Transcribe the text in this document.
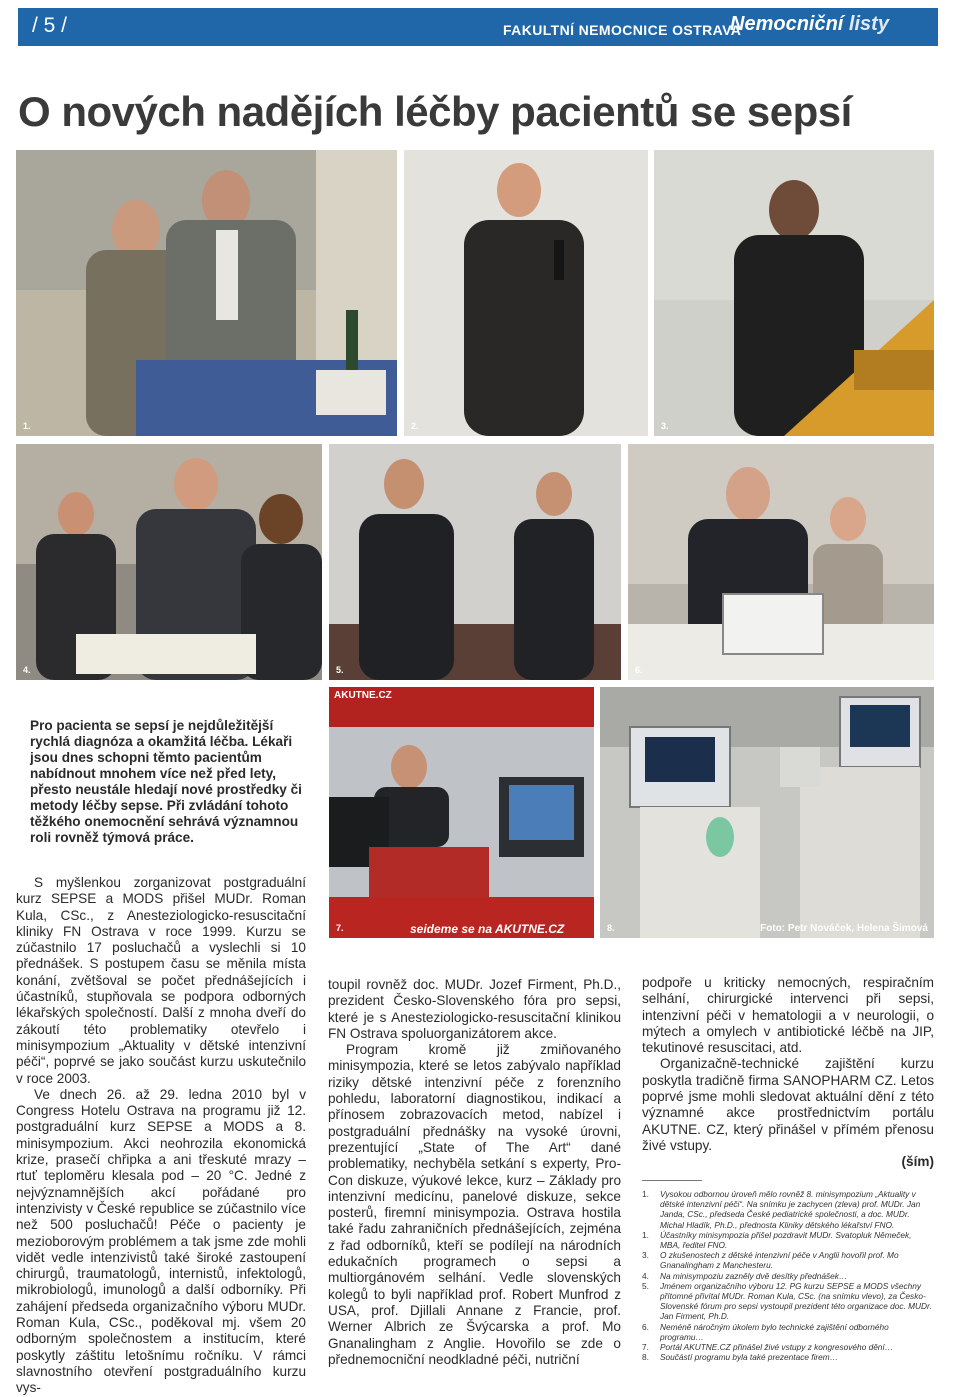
/ 5 /	FAKULTNÍ NEMOCNICE OSTRAVA
Nemocniční listy
O nových nadějích léčby pacientů se sepsí
1.	2.	3.
4.	5.	6.
7.
AKUTNE.CZ
seideme se na AKUTNE.CZ	8.	Foto: Petr Nováček, Helena Šimová
Pro pacienta se sepsí je nejdůležitější rychlá diagnóza a okamžitá léčba. Lékaři jsou dnes schopni těmto pacientům nabídnout mnohem více než před lety, přesto neustále hledají nové prostředky či metody léčby sepse. Při zvládání tohoto těžkého onemocnění sehrává významnou roli rovněž týmová práce.

S myšlenkou zorganizovat postgraduální kurz SEPSE a MODS přišel MUDr. Roman Kula, CSc., z Anesteziologicko-resuscitační kliniky FN Ostrava v roce 1999. Kurzu se zúčastnilo 17 posluchačů a vyslechli si 10 přednášek. S postupem času se měnila místa konání, zvětšoval se počet přednášejících i účastníků, stupňovala se podpora odborných lékařských společností. Další z mnoha dveří do zákoutí této problematiky otevřelo i minisympozium „Aktuality v dětské intenzivní péči“, poprvé se jako součást kurzu uskutečnilo v roce 2003.

Ve dnech 26. až 29. ledna 2010 byl v Congress Hotelu Ostrava na programu již 12. postgraduální kurz SEPSE a MODS a 8. minisympozium. Akci neohrozila ekonomická krize, prasečí chřipka a ani třeskuté mrazy – rtuť teploměru klesala pod – 20 °C. Jedné z nejvýznamnějších akcí pořádané pro intenzivisty v České republice se zúčastnilo více než 500 posluchačů! Péče o pacienty je mezioborovým problémem a tak jsme zde mohli vidět vedle intenzivistů také široké zastoupení chirurgů, traumatologů, internistů, infektologů, mikrobiologů, imunologů a další odborníky. Při zahájení předseda organizačního výboru MUDr. Roman Kula, CSc., poděkoval mj. všem 20 odborným společnostem a institucím, které poskytly záštitu letošnímu ročníku. V rámci slavnostního otevření postgraduálního kurzu vys-

toupil rovněž doc. MUDr. Jozef Firment, Ph.D., prezident Česko-Slovenského fóra pro sepsi, které je s Anesteziologicko-resuscitační klinikou FN Ostrava spoluorganizátorem akce.

Program kromě již zmiňovaného minisympozia, které se letos zabývalo například riziky dětské intenzivní péče z forenzního pohledu, laboratorní diagnostikou, indikací a přínosem zobrazovacích metod, nabízel i postgraduální přednášky na vysoké úrovni, prezentující „State of The Art“ dané problematiky, nechyběla setkání s experty, Pro-Con diskuze, výukové lekce, kurz – Základy pro intenzivní medicínu, panelové diskuze, sekce posterů, firemní minisympozia. Ostrava hostila také řadu zahraničních přednášejících, zejména z řad odborníků, kteří se podílejí na národních edukačních programech o sepsi a multiorgánovém selhání. Vedle slovenských kolegů to byli například prof. Robert Munfrod z USA, prof. Djillali Annane z Francie, prof. Werner Albrich ze Švýcarska a prof. Mo Gnanalingham z Anglie. Hovořilo se zde o přednemocniční neodkladné péči, nutriční

podpoře u kriticky nemocných, respiračním selhání, chirurgické intervenci při sepsi, intenzivní péči v hematologii a v neurologii, o mýtech a omylech v antibiotické léčbě na JIP, tekutinové resuscitaci, atd.

Organizačně-technické zajištění kurzu poskytla tradičně firma SANOPHARM CZ. Letos poprvé jsme mohli sledovat aktuální dění z této významné akce prostřednictvím portálu AKUTNE. CZ, který přinášel v přímém přenosu živé vstupy.

(ším)
1. Vysokou odbornou úroveň mělo rovněž 8. minisympozium „Aktuality v dětské intenzivní péči“. Na snímku je zachycen (zleva) prof. MUDr. Jan Janda, CSc., předseda České pediatrické společnosti, a doc. MUDr. Michal Hladík, Ph.D., přednosta Kliniky dětského lékařství FNO.
1. Účastníky minisympozia přišel pozdravit MUDr. Svatopluk Němeček, MBA, ředitel FNO.
3. O zkušenostech z dětské intenzivní péče v Anglii hovořil prof. Mo Gnanalingham z Manchesteru.
4. Na minisympoziu zazněly dvě desítky přednášek…
5. Jménem organizačního výboru 12. PG kurzu SEPSE a MODS všechny přítomné přivítal MUDr. Roman Kula, CSc. (na snímku vlevo), za Česko-Slovenské fórum pro sepsi vystoupil prezident této organizace doc. MUDr. Jan Firment, Ph.D.
6. Neméně náročným úkolem bylo technické zajištění odborného programu…
7. Portál AKUTNE.CZ přinášel živé vstupy z kongresového dění…
8. Součástí programu byla také prezentace firem…
